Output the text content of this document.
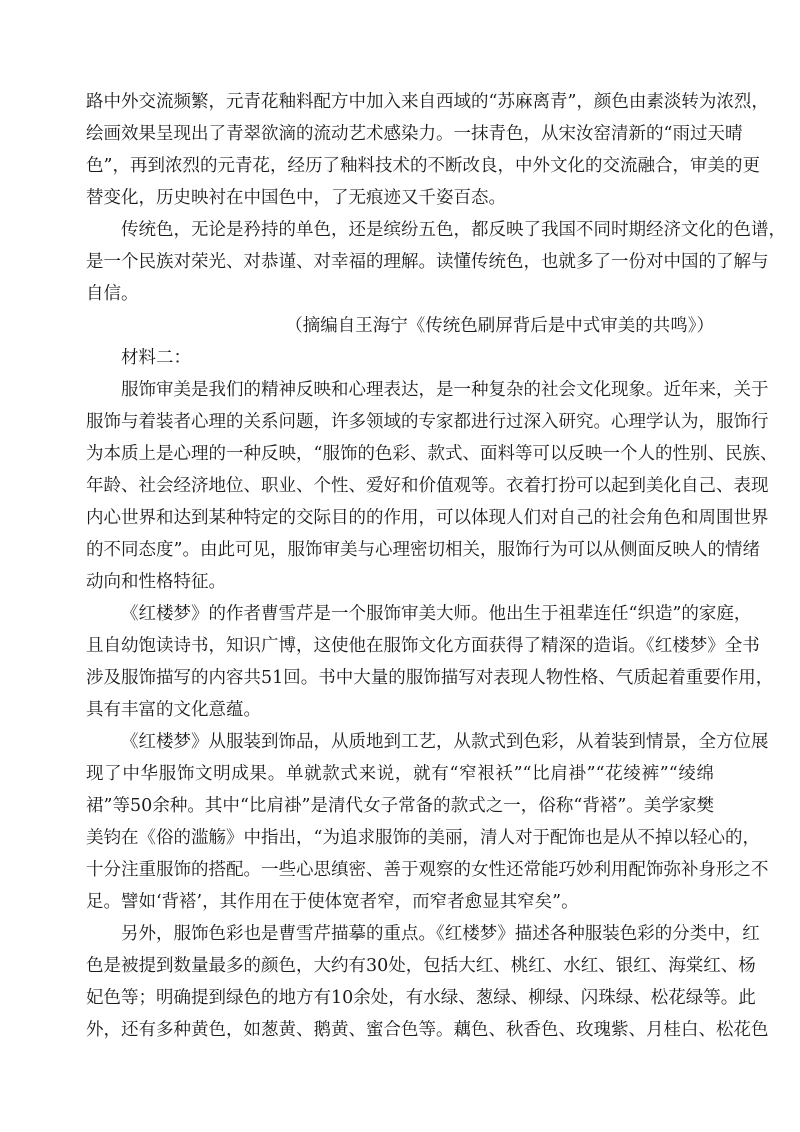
路中外交流频繁，元青花釉料配方中加入来自西域的“苏麻离青”，颜色由素淡转为浓烈，
绘画效果呈现出了青翠欲滴的流动艺术感染力。一抹青色，从宋汝窑清新的“雨过天晴
色”，再到浓烈的元青花，经历了釉料技术的不断改良，中外文化的交流融合，审美的更
替变化，历史映衬在中国色中，了无痕迹又千姿百态。
传统色，无论是矜持的单色，还是缤纷五色，都反映了我国不同时期经济文化的色谱，
是一个民族对荣光、对恭谨、对幸福的理解。读懂传统色，也就多了一份对中国的了解与
自信。
（摘编自王海宁《传统色刷屏背后是中式审美的共鸣》）
材料二：
服饰审美是我们的精神反映和心理表达，是一种复杂的社会文化现象。近年来，关于
服饰与着装者心理的关系问题，许多领域的专家都进行过深入研究。心理学认为，服饰行
为本质上是心理的一种反映，“服饰的色彩、款式、面料等可以反映一个人的性别、民族、
年龄、社会经济地位、职业、个性、爱好和价值观等。衣着打扮可以起到美化自己、表现
内心世界和达到某种特定的交际目的的作用，可以体现人们对自己的社会角色和周围世界
的不同态度”。由此可见，服饰审美与心理密切相关，服饰行为可以从侧面反映人的情绪
动向和性格特征。
《红楼梦》的作者曹雪芹是一个服饰审美大师。他出生于祖辈连任“织造”的家庭，
且自幼饱读诗书，知识广博，这使他在服饰文化方面获得了精深的造诣。《红楼梦》全书
涉及服饰描写的内容共51回。书中大量的服饰描写对表现人物性格、气质起着重要作用，
具有丰富的文化意蕴。
《红楼梦》从服装到饰品，从质地到工艺，从款式到色彩，从着装到情景，全方位展
现了中华服饰文明成果。单就款式来说，就有“窄裉袄”“比肩褂”“花绫裤”“绫绵
裙”等50余种。其中“比肩褂”是清代女子常备的款式之一，俗称“背褡”。美学家樊
美钧在《俗的滥觞》中指出，“为追求服饰的美丽，清人对于配饰也是从不掉以轻心的，
十分注重服饰的搭配。一些心思缜密、善于观察的女性还常能巧妙利用配饰弥补身形之不
足。譬如‘背褡’，其作用在于使体宽者窄，而窄者愈显其窄矣”。
另外，服饰色彩也是曹雪芹描摹的重点。《红楼梦》描述各种服装色彩的分类中，红
色是被提到数量最多的颜色，大约有30处，包括大红、桃红、水红、银红、海棠红、杨
妃色等；明确提到绿色的地方有10余处，有水绿、葱绿、柳绿、闪珠绿、松花绿等。此
外，还有多种黄色，如葱黄、鹅黄、蜜合色等。藕色、秋香色、玫瑰紫、月桂白、松花色
